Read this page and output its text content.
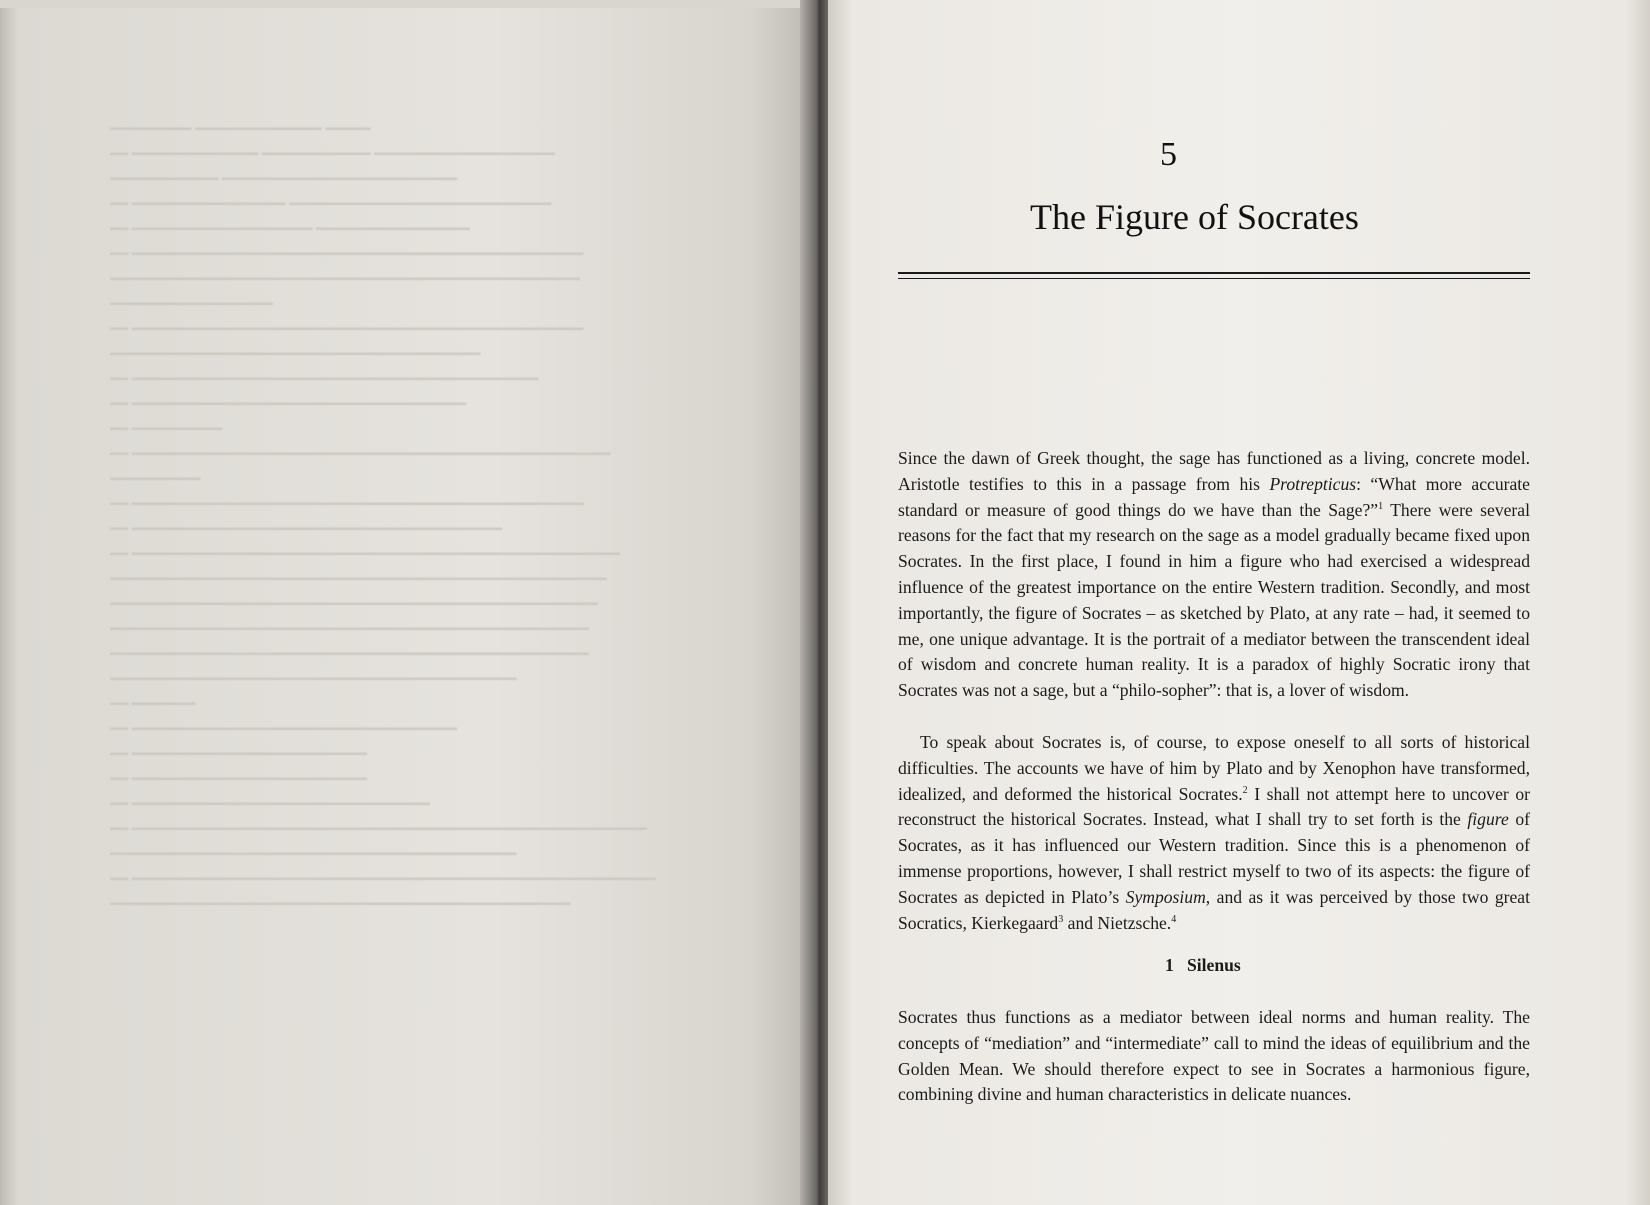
━━━━━━━━━ ━━━━━━━━━━━━━━ ━━━━━
━━ ━━━━━━━━━━━━━━ ━━━━━━━━━━━━ ━━━━━━━━━━━━━━━━━━━━
━━━━━━━━━━━━ ━━━━━━━━━━━━━━━━━━━━━━━━━━
━━ ━━━━━━━━━━━━━━━━━ ━━━━━━━━━━━━━━━━━━━━━━━━━━━━━
━━ ━━━━━━━━━━━━━━━━━━━━ ━━━━━━━━━━━━━━━━━
━━ ━━━━━━━━━━━━━━━━━━━━━━━━━━━━━━━━━━━━━━━━━━━━━━━━━━
━━━━━━━━━━━━━━━━━━━━━━━━━━━━━━━━━━━━━━━━━━━━━━━━━━━━
━━━━━━━━━━━━━━━━━━
━━ ━━━━━━━━━━━━━━━━━━━━━━━━━━━━━━━━━━━━━━━━━━━━━━━━━━
━━━━━━━━━━━━━━━━━━━━━━━━━━━━━━━━━━━━━━━━━
━━ ━━━━━━━━━━━━━━━━━━━━━━━━━━━━━━━━━━━━━━━━━━━━━
━━ ━━━━━━━━━━━━━━━━━━━━━━━━━━━━━━━━━━━━━
━━ ━━━━━━━━━━
━━ ━━━━━━━━━━━━━━━━━━━━━━━━━━━━━━━━━━━━━━━━━━━━━━━━━━━━━
━━━━━━━━━━
━━ ━━━━━━━━━━━━━━━━━━━━━━━━━━━━━━━━━━━━━━━━━━━━━━━━━━
━━ ━━━━━━━━━━━━━━━━━━━━━━━━━━━━━━━━━━━━━━━━━
━━ ━━━━━━━━━━━━━━━━━━━━━━━━━━━━━━━━━━━━━━━━━━━━━━━━━━━━━━
━━━━━━━━━━━━━━━━━━━━━━━━━━━━━━━━━━━━━━━━━━━━━━━━━━━━━━━
━━━━━━━━━━━━━━━━━━━━━━━━━━━━━━━━━━━━━━━━━━━━━━━━━━━━━━
━━━━━━━━━━━━━━━━━━━━━━━━━━━━━━━━━━━━━━━━━━━━━━━━━━━━━
━━━━━━━━━━━━━━━━━━━━━━━━━━━━━━━━━━━━━━━━━━━━━━━━━━━━━
━━━━━━━━━━━━━━━━━━━━━━━━━━━━━━━━━━━━━━━━━━━━━
━━ ━━━━━━━
━━ ━━━━━━━━━━━━━━━━━━━━━━━━━━━━━━━━━━━━
━━ ━━━━━━━━━━━━━━━━━━━━━━━━━━
━━ ━━━━━━━━━━━━━━━━━━━━━━━━━━
━━ ━━━━━━━━━━━━━━━━━━━━━━━━━━━━━━━━━
━━ ━━━━━━━━━━━━━━━━━━━━━━━━━━━━━━━━━━━━━━━━━━━━━━━━━━━━━━━━━
━━━━━━━━━━━━━━━━━━━━━━━━━━━━━━━━━━━━━━━━━━━━━
━━ ━━━━━━━━━━━━━━━━━━━━━━━━━━━━━━━━━━━━━━━━━━━━━━━━━━━━━━━━━━
━━━━━━━━━━━━━━━━━━━━━━━━━━━━━━━━━━━━━━━━━━━━━━━━━━━
5
The Figure of Socrates

Since the dawn of Greek thought, the sage has functioned as a living, concrete model. Aristotle testifies to this in a passage from his Protrepticus: “What more accurate standard or measure of good things do we have than the Sage?”$^1$ There were several reasons for the fact that my research on the sage as a model gradually became fixed upon Socrates. In the first place, I found in him a figure who had exercised a widespread influence of the greatest importance on the entire Western tradition. Secondly, and most importantly, the figure of Socrates – as sketched by Plato, at any rate – had, it seemed to me, one unique advantage. It is the portrait of a mediator between the transcendent ideal of wisdom and concrete human reality. It is a paradox of highly Socratic irony that Socrates was not a sage, but a “philo-sopher”: that is, a lover of wisdom.

To speak about Socrates is, of course, to expose oneself to all sorts of historical difficulties. The accounts we have of him by Plato and by Xenophon have transformed, idealized, and deformed the historical Socrates.$^2$ I shall not attempt here to uncover or reconstruct the historical Socrates. Instead, what I shall try to set forth is the figure of Socrates, as it has influenced our Western tradition. Since this is a phenomenon of immense proportions, however, I shall restrict myself to two of its aspects: the figure of Socrates as depicted in Plato’s Symposium, and as it was perceived by those two great Socratics, Kierkegaard$^3$ and Nietzsche.$^4$

1   Silenus

Socrates thus functions as a mediator between ideal norms and human reality. The concepts of “mediation” and “intermediate” call to mind the ideas of equilibrium and the Golden Mean. We should therefore expect to see in Socrates a harmonious figure, combining divine and human characteristics in delicate nuances.
